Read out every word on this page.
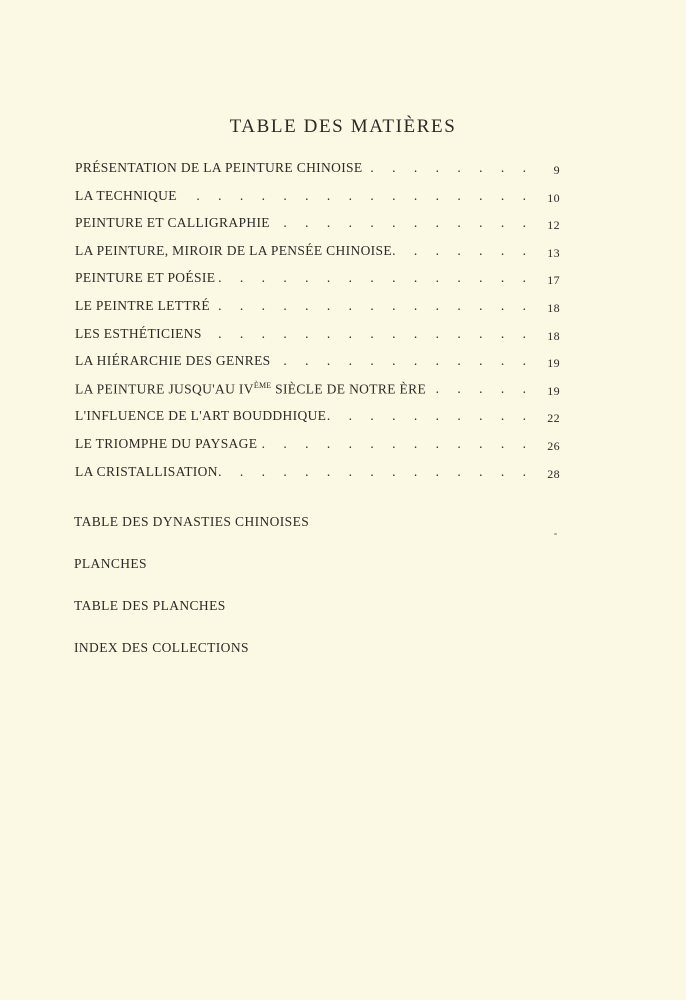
TABLE DES MATIÈRES
PRÉSENTATION DE LA PEINTURE CHINOISE . . .	9
LA TECHNIQUE . . .	10
PEINTURE ET CALLIGRAPHIE . . .	12
LA PEINTURE, MIROIR DE LA PENSÉE CHINOISE . . .	13
PEINTURE ET POÉSIE . . .	17
LE PEINTRE LETTRÉ . . .	18
LES ESTHÉTICIENS . . .	18
LA HIÉRARCHIE DES GENRES . . .	19
LA PEINTURE JUSQU'AU IVÈME SIÈCLE DE NOTRE ÈRE . . .	19
L'INFLUENCE DE L'ART BOUDDHIQUE . . .	22
LE TRIOMPHE DU PAYSAGE . . .	26
LA CRISTALLISATION . . .	28
TABLE DES DYNASTIES CHINOISES
PLANCHES
TABLE DES PLANCHES
INDEX DES COLLECTIONS
